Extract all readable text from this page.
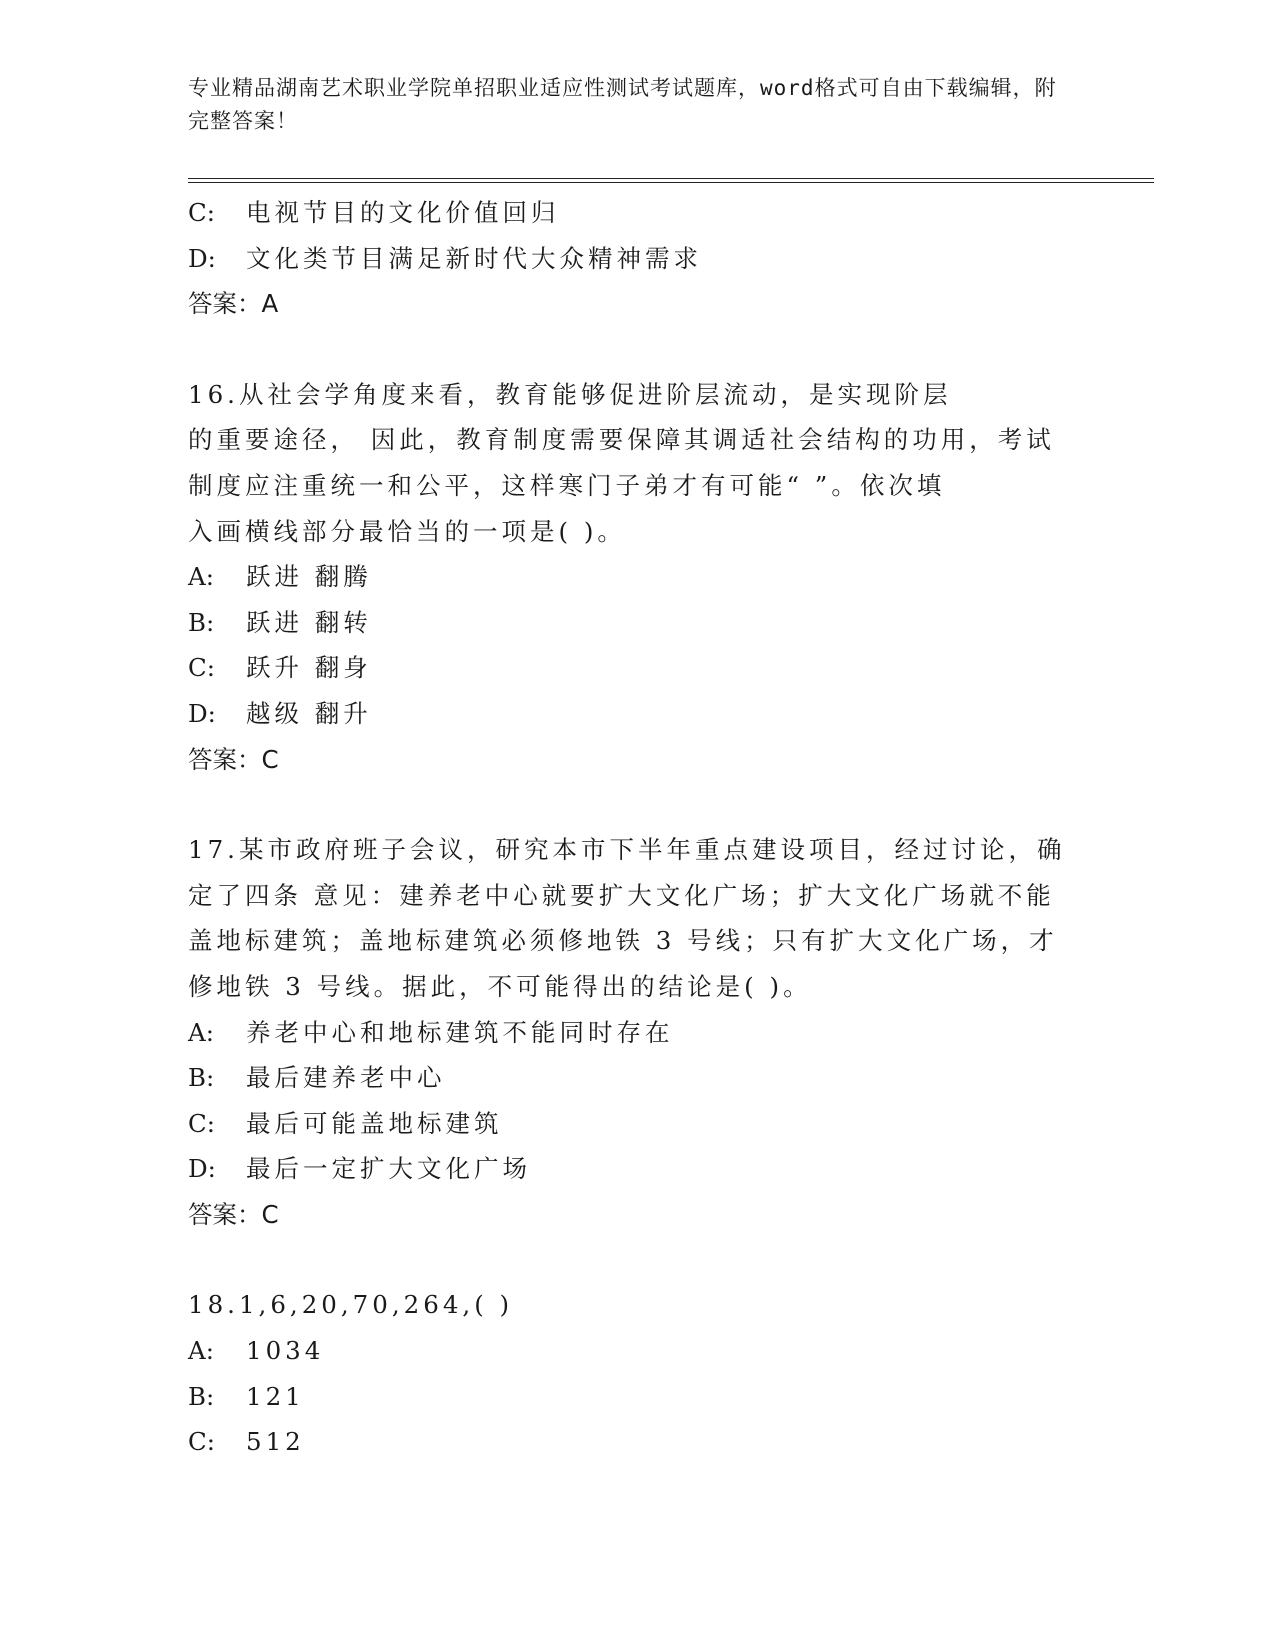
专业精品湖南艺术职业学院单招职业适应性测试考试题库，word格式可自由下载编辑，附完整答案！
C: 电视节目的文化价值回归
D: 文化类节目满足新时代大众精神需求
答案：A
16.从社会学角度来看，教育能够促进阶层流动，是实现阶层
的重要途径， 因此，教育制度需要保障其调适社会结构的功用，考试
制度应注重统一和公平，这样寒门子弟才有可能“ ”。依次填
入画横线部分最恰当的一项是( )。
A: 跃进 翻腾
B: 跃进 翻转
C: 跃升 翻身
D: 越级 翻升
答案：C
17.某市政府班子会议，研究本市下半年重点建设项目，经过讨论，确
定了四条 意见：建养老中心就要扩大文化广场；扩大文化广场就不能
盖地标建筑；盖地标建筑必须修地铁 3 号线；只有扩大文化广场，才
修地铁 3 号线。据此，不可能得出的结论是( )。
A: 养老中心和地标建筑不能同时存在
B: 最后建养老中心
C: 最后可能盖地标建筑
D: 最后一定扩大文化广场
答案：C
18.1,6,20,70,264,( )
A: 1034
B: 121
C: 512
